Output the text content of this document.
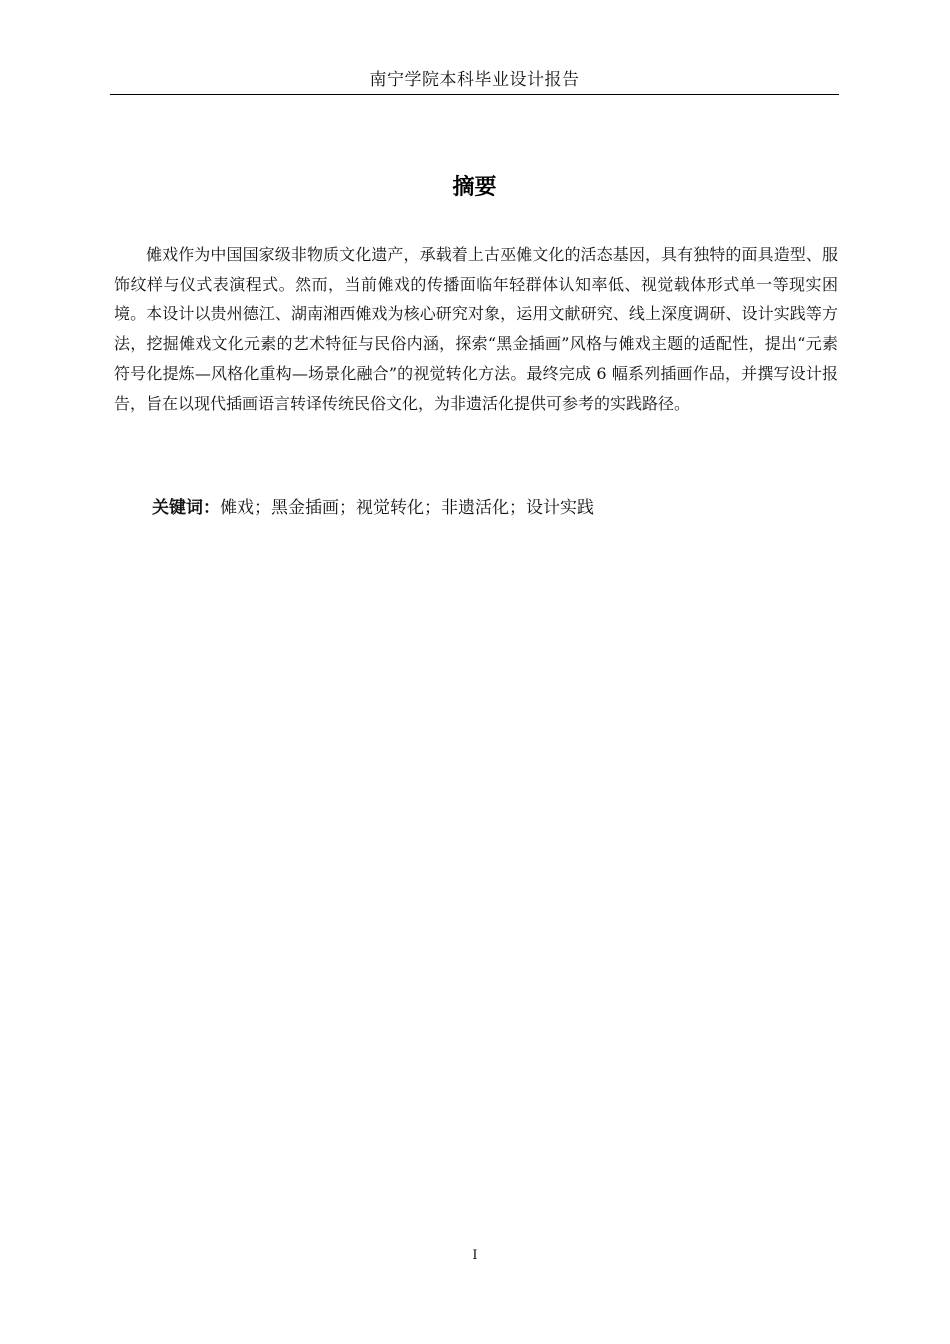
南宁学院本科毕业设计报告
摘要

傩戏作为中国国家级非物质文化遗产，承载着上古巫傩文化的活态基因，具有独特的面具造型、服饰纹样与仪式表演程式。然而，当前傩戏的传播面临年轻群体认知率低、视觉载体形式单一等现实困境。本设计以贵州德江、湖南湘西傩戏为核心研究对象，运用文献研究、线上深度调研、设计实践等方法，挖掘傩戏文化元素的艺术特征与民俗内涵，探索“黑金插画”风格与傩戏主题的适配性，提出“元素符号化提炼—风格化重构—场景化融合”的视觉转化方法。最终完成 6 幅系列插画作品，并撰写设计报告，旨在以现代插画语言转译传统民俗文化，为非遗活化提供可参考的实践路径。

关键词：傩戏；黑金插画；视觉转化；非遗活化；设计实践
I
